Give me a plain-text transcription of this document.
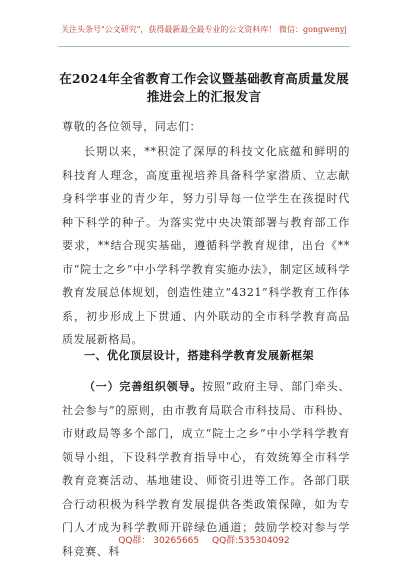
关注头条号"公文研究"，获得最新最全最专业的公文资料库！ 微信：gongwenyj
在2024年全省教育工作会议暨基础教育高质量发展推进会上的汇报发言
尊敬的各位领导，同志们：
长期以来，**积淀了深厚的科技文化底蕴和鲜明的科技育人理念，高度重视培养具备科学家潜质、立志献身科学事业的青少年，努力引导每一位学生在孩提时代种下科学的种子。为落实党中央决策部署与教育部工作要求，**结合现实基础，遵循科学教育规律，出台《**市“院士之乡”中小学科学教育实施办法》，制定区域科学教育发展总体规划，创造性建立“4321”科学教育工作体系，初步形成上下贯通、内外联动的全市科学教育高品质发展新格局。
一、优化顶层设计，搭建科学教育发展新框架
（一）完善组织领导。按照“政府主导、部门牵头、社会参与”的原则，由市教育局联合市科技局、市科协、市财政局等多个部门，成立“院士之乡”中小学科学教育领导小组，下设科学教育指导中心，有效统筹全市科学教育竞赛活动、基地建设、师资引进等工作。各部门联合行动积极为科学教育发展提供各类政策保障，如为专门人才成为科学教师开辟绿色通道；鼓励学校对参与学科竞赛、科
QQ群： 30265665 QQ群:535304092
